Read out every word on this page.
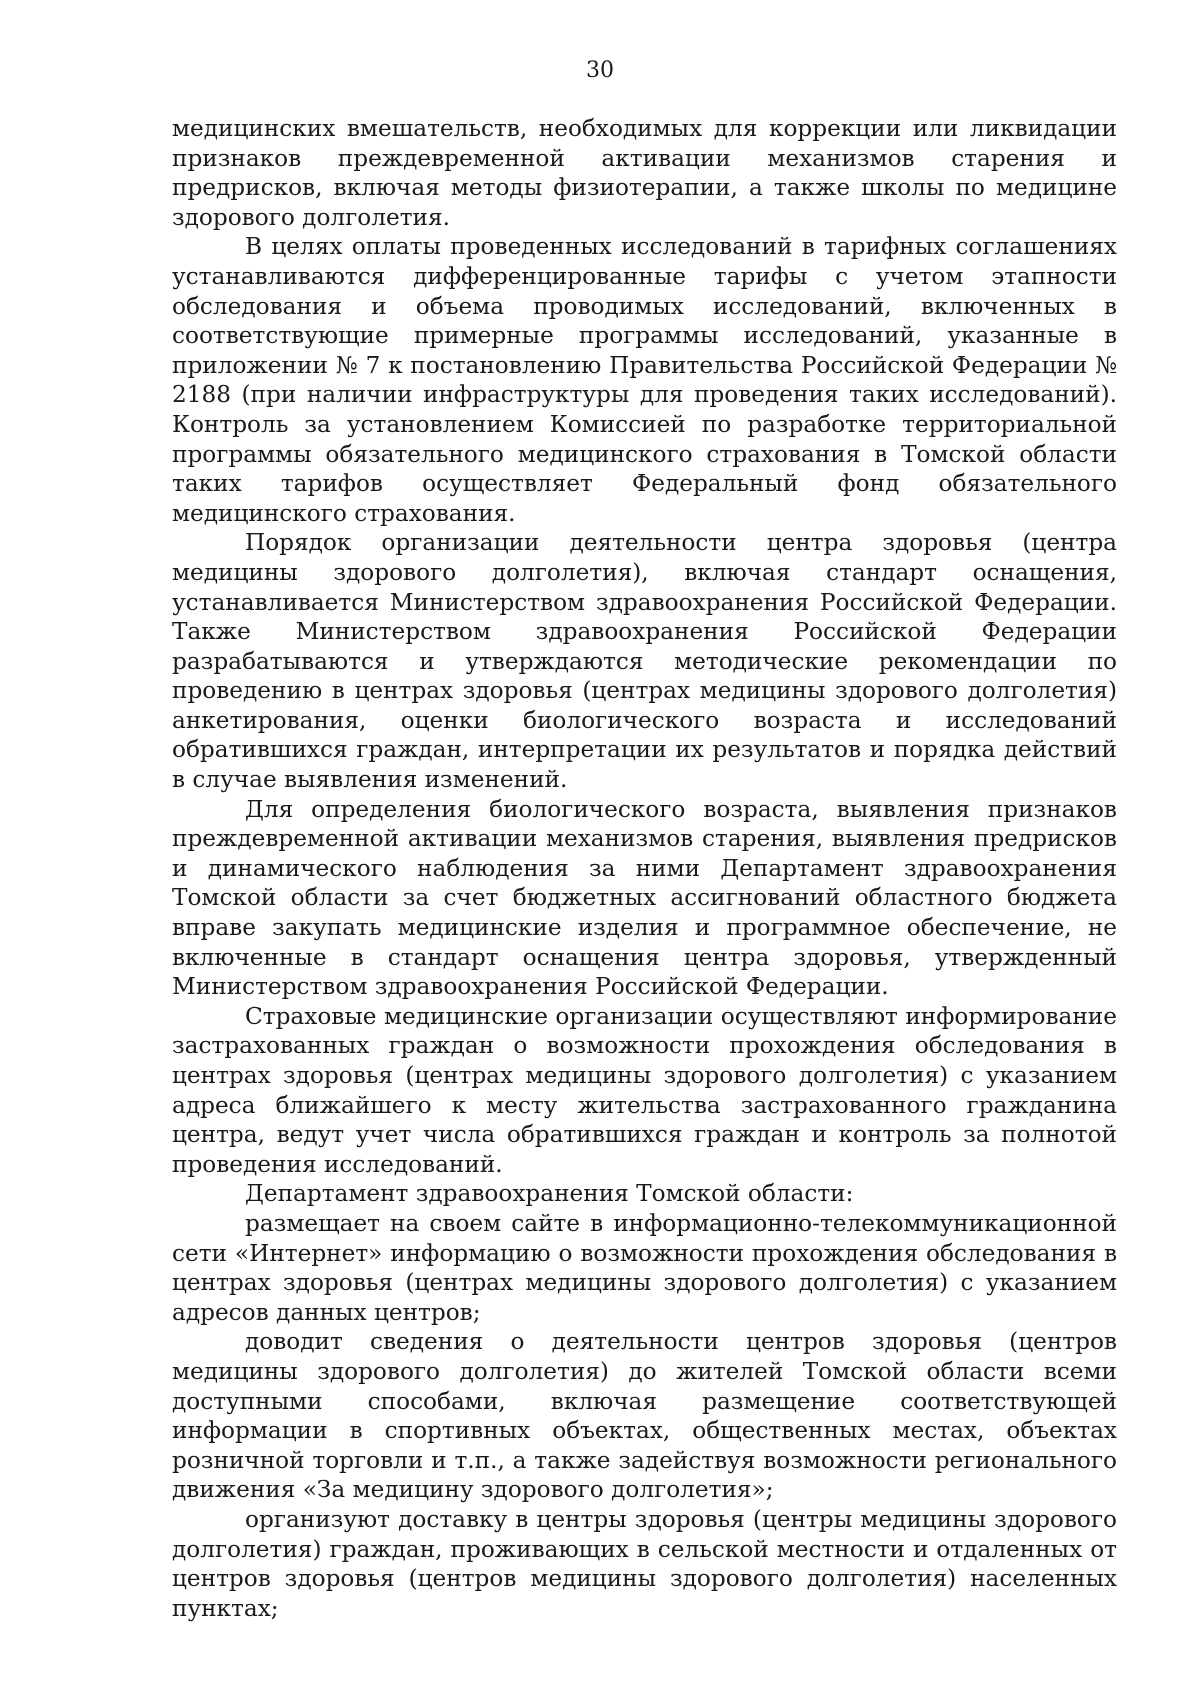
30

медицинских вмешательств, необходимых для коррекции или ликвидации признаков преждевременной активации механизмов старения и предрисков, включая методы физиотерапии, а также школы по медицине здорового долголетия.

В целях оплаты проведенных исследований в тарифных соглашениях устанавливаются дифференцированные тарифы с учетом этапности обследования и объема проводимых исследований, включенных в соответствующие примерные программы исследований, указанные в приложении № 7 к постановлению Правительства Российской Федерации № 2188 (при наличии инфраструктуры для проведения таких исследований). Контроль за установлением Комиссией по разработке территориальной программы обязательного медицинского страхования в Томской области таких тарифов осуществляет Федеральный фонд обязательного медицинского страхования.

Порядок организации деятельности центра здоровья (центра медицины здорового долголетия), включая стандарт оснащения, устанавливается Министерством здравоохранения Российской Федерации. Также Министерством здравоохранения Российской Федерации разрабатываются и утверждаются методические рекомендации по проведению в центрах здоровья (центрах медицины здорового долголетия) анкетирования, оценки биологического возраста и исследований обратившихся граждан, интерпретации их результатов и порядка действий в случае выявления изменений.

Для определения биологического возраста, выявления признаков преждевременной активации механизмов старения, выявления предрисков и динамического наблюдения за ними Департамент здравоохранения Томской области за счет бюджетных ассигнований областного бюджета вправе закупать медицинские изделия и программное обеспечение, не включенные в стандарт оснащения центра здоровья, утвержденный Министерством здравоохранения Российской Федерации.

Страховые медицинские организации осуществляют информирование застрахованных граждан о возможности прохождения обследования в центрах здоровья (центрах медицины здорового долголетия) с указанием адреса ближайшего к месту жительства застрахованного гражданина центра, ведут учет числа обратившихся граждан и контроль за полнотой проведения исследований.

Департамент здравоохранения Томской области:

размещает на своем сайте в информационно-телекоммуникационной сети «Интернет» информацию о возможности прохождения обследования в центрах здоровья (центрах медицины здорового долголетия) с указанием адресов данных центров;

доводит сведения о деятельности центров здоровья (центров медицины здорового долголетия) до жителей Томской области всеми доступными способами, включая размещение соответствующей информации в спортивных объектах, общественных местах, объектах розничной торговли и т.п., а также задействуя возможности регионального движения «За медицину здорового долголетия»;

организуют доставку в центры здоровья (центры медицины здорового долголетия) граждан, проживающих в сельской местности и отдаленных от центров здоровья (центров медицины здорового долголетия) населенных пунктах;
